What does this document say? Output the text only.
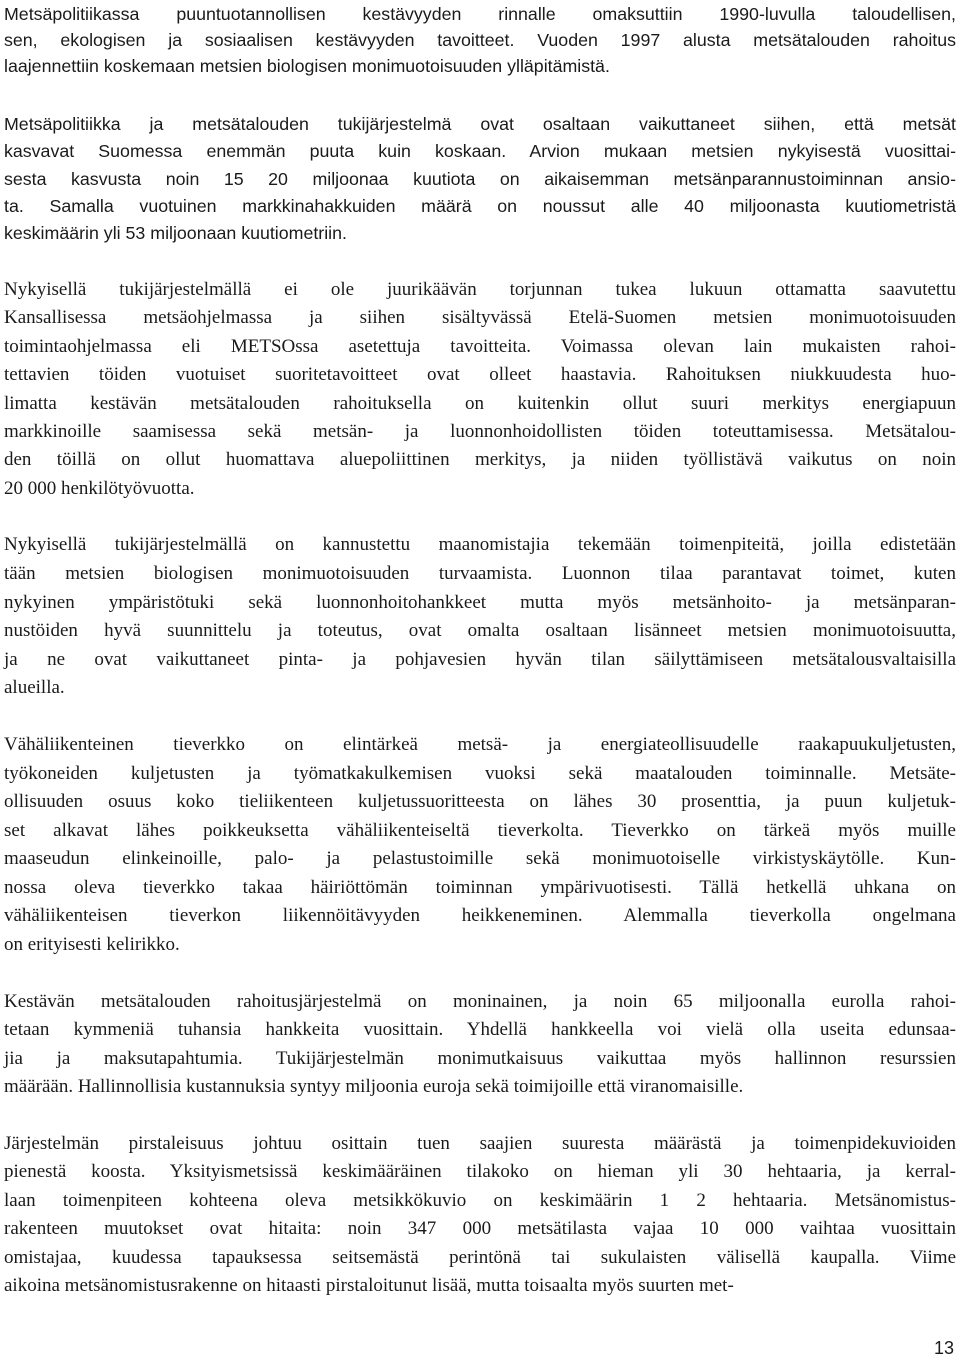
Metsäpolitiikassa puuntuotannollisen kestävyyden rinnalle omaksuttiin 1990-luvulla taloudellisen,
sen, ekologisen ja sosiaalisen kestävyyden tavoitteet. Vuoden 1997 alusta metsätalouden rahoitus
laajennettiin koskemaan metsien biologisen monimuotoisuuden ylläpitämistä.
Metsäpolitiikka ja metsätalouden tukijärjestelmä ovat osaltaan vaikuttaneet siihen, että metsät
kasvavat Suomessa enemmän puuta kuin koskaan. Arvion mukaan metsien nykyisestä vuosittai-
sesta kasvusta noin 15 20 miljoonaa kuutiota on aikaisemman metsänparannustoiminnan ansio-
ta. Samalla vuotuinen markkinahakkuiden määrä on noussut alle 40 miljoonasta kuutiometristä
keskimäärin yli 53 miljoonaan kuutiometriin.
Nykyisellä tukijärjestelmällä ei ole juurikäävän torjunnan tukea lukuun ottamatta saavutettu
Kansallisessa metsäohjelmassa ja siihen sisältyvässä Etelä-Suomen metsien monimuotoisuuden
toimintaohjelmassa eli METSOssa asetettuja tavoitteita. Voimassa olevan lain mukaisten rahoi-
tettavien töiden vuotuiset suoritetavoitteet ovat olleet haastavia. Rahoituksen niukkuudesta huo-
limatta kestävän metsätalouden rahoituksella on kuitenkin ollut suuri merkitys energiapuun
markkinoille saamisessa sekä metsän- ja luonnonhoidollisten töiden toteuttamisessa. Metsätalou-
den töillä on ollut huomattava aluepoliittinen merkitys, ja niiden työllistävä vaikutus on noin
20 000 henkilötyövuotta.
Nykyisellä tukijärjestelmällä on kannustettu maanomistajia tekemään toimenpiteitä, joilla edistetään
tään metsien biologisen monimuotoisuuden turvaamista. Luonnon tilaa parantavat toimet, kuten
nykyinen ympäristötuki sekä luonnonhoitohankkeet mutta myös metsänhoito- ja metsänparan-
nustöiden hyvä suunnittelu ja toteutus, ovat omalta osaltaan lisänneet metsien monimuotoisuutta,
ja ne ovat vaikuttaneet pinta- ja pohjavesien hyvän tilan säilyttämiseen metsätalousvaltaisilla
alueilla.
Vähäliikenteinen tieverkko on elintärkeä metsä- ja energiateollisuudelle raakapuukuljetusten,
työkoneiden kuljetusten ja työmatkakulkemisen vuoksi sekä maatalouden toiminnalle. Metsäte-
ollisuuden osuus koko tieliikenteen kuljetussuoritteesta on lähes 30 prosenttia, ja puun kuljetuk-
set alkavat lähes poikkeuksetta vähäliikenteiseltä tieverkolta. Tieverkko on tärkeä myös muille
maaseudun elinkeinoille, palo- ja pelastustoimille sekä monimuotoiselle virkistyskäytölle. Kun-
nossa oleva tieverkko takaa häiriöttömän toiminnan ympärivuotisesti. Tällä hetkellä uhkana on
vähäliikenteisen tieverkon liikennöitävyyden heikkeneminen. Alemmalla tieverkolla ongelmana
on erityisesti kelirikko.
Kestävän metsätalouden rahoitusjärjestelmä on moninainen, ja noin 65 miljoonalla eurolla rahoi-
tetaan kymmeniä tuhansia hankkeita vuosittain. Yhdellä hankkeella voi vielä olla useita edunsaa-
jia ja maksutapahtumia. Tukijärjestelmän monimutkaisuus vaikuttaa myös hallinnon resurssien
määrään. Hallinnollisia kustannuksia syntyy miljoonia euroja sekä toimijoille että viranomaisille.
Järjestelmän pirstaleisuus johtuu osittain tuen saajien suuresta määrästä ja toimenpidekuvioiden
pienestä koosta. Yksityismetsissä keskimääräinen tilakoko on hieman yli 30 hehtaaria, ja kerral-
laan toimenpiteen kohteena oleva metsikkökuvio on keskimäärin 1 2 hehtaaria. Metsänomistus-
rakenteen muutokset ovat hitaita: noin 347 000 metsätilasta vajaa 10 000 vaihtaa vuosittain
omistajaa, kuudessa tapauksessa seitsemästä perintönä tai sukulaisten välisellä kaupalla. Viime
aikoina metsänomistusrakenne on hitaasti pirstaloitunut lisää, mutta toisaalta myös suurten met-
13
